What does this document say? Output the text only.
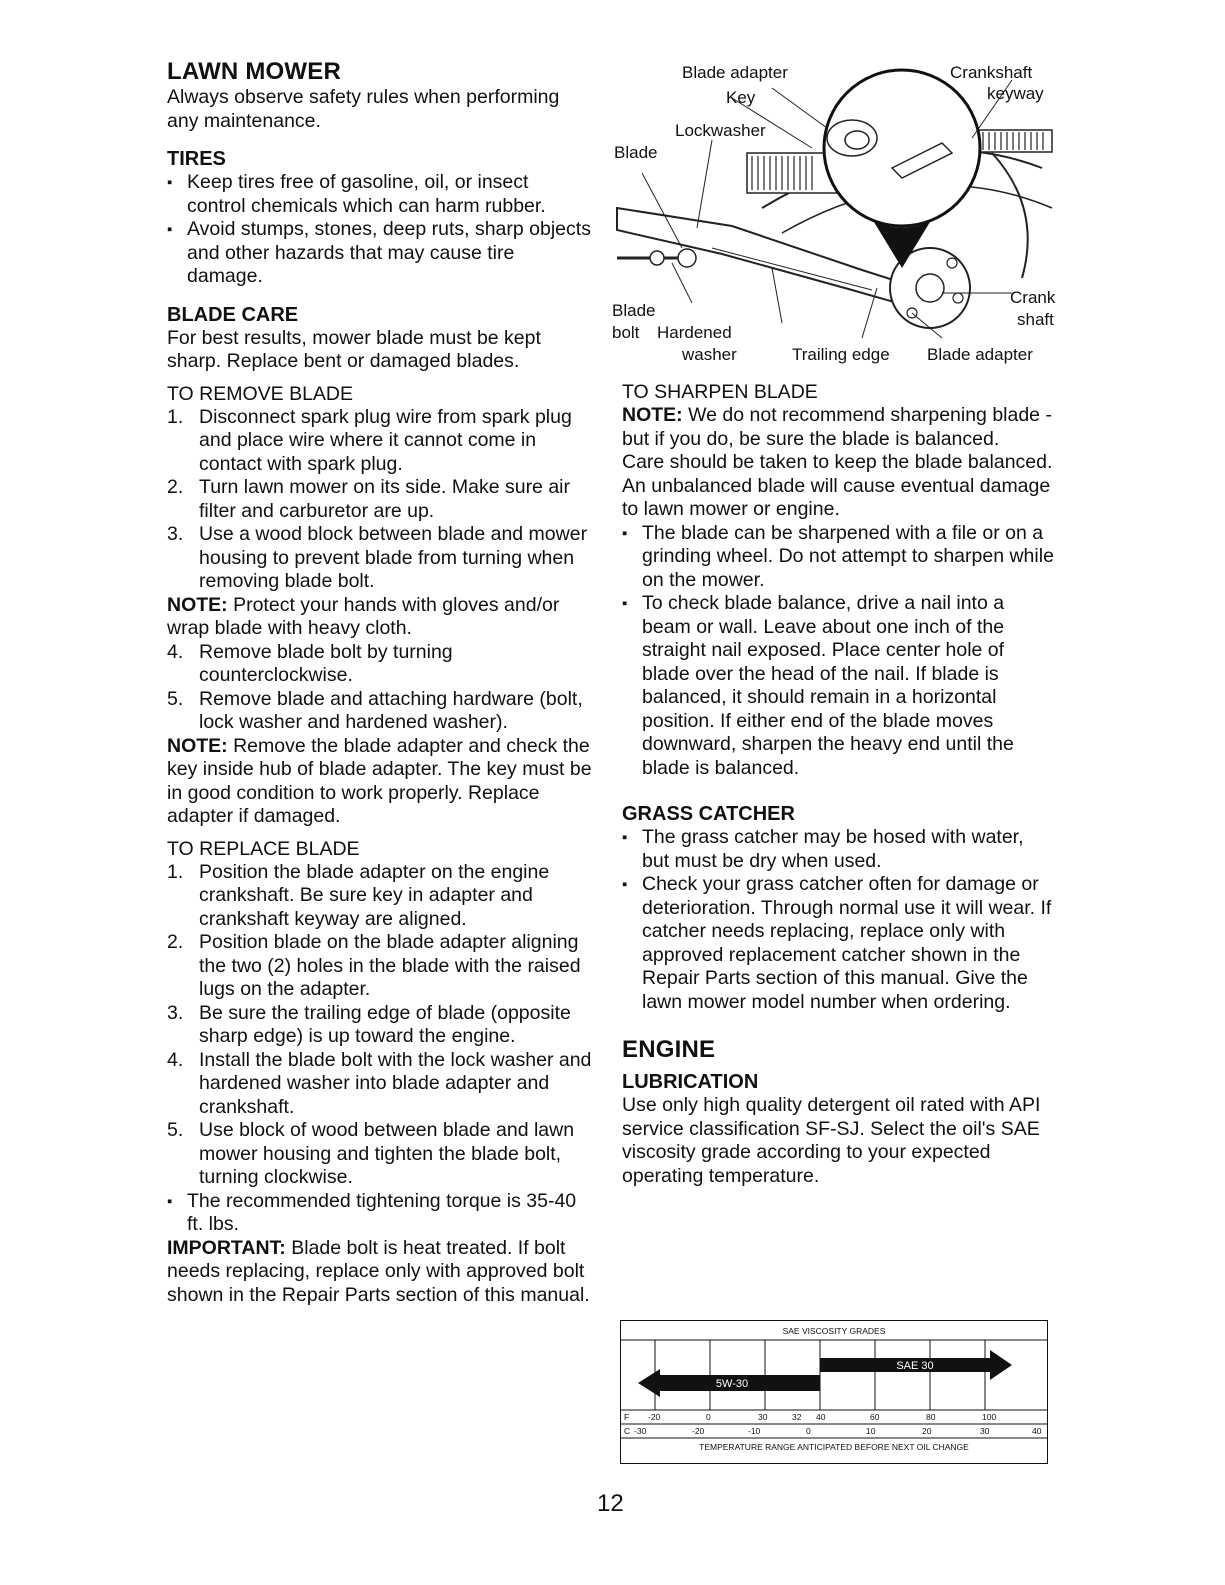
LAWN MOWER
Always observe safety rules when performing any maintenance.
TIRES
▪ Keep tires free of gasoline, oil, or insect control chemicals which can harm rubber.
▪ Avoid stumps, stones, deep ruts, sharp objects and other hazards that may cause tire damage.
BLADE CARE
For best results, mower blade must be kept sharp. Replace bent or damaged blades.
TO REMOVE BLADE
1. Disconnect spark plug wire from spark plug and place wire where it cannot come in contact with spark plug.
2. Turn lawn mower on its side. Make sure air filter and carburetor are up.
3. Use a wood block between blade and mower housing to prevent blade from turning when removing blade bolt.
NOTE: Protect your hands with gloves and/or wrap blade with heavy cloth.
4. Remove blade bolt by turning counterclockwise.
5. Remove blade and attaching hardware (bolt, lock washer and hardened washer).
NOTE: Remove the blade adapter and check the key inside hub of blade adapter. The key must be in good condition to work properly. Replace adapter if damaged.
TO REPLACE BLADE
1. Position the blade adapter on the engine crankshaft. Be sure key in adapter and crankshaft keyway are aligned.
2. Position blade on the blade adapter aligning the two (2) holes in the blade with the raised lugs on the adapter.
3. Be sure the trailing edge of blade (opposite sharp edge) is up toward the engine.
4. Install the blade bolt with the lock washer and hardened washer into blade adapter and crankshaft.
5. Use block of wood between blade and lawn mower housing and tighten the blade bolt, turning clockwise.
▪ The recommended tightening torque is 35-40 ft. lbs.
IMPORTANT: Blade bolt is heat treated. If bolt needs replacing, replace only with approved bolt shown in the Repair Parts section of this manual.
Blade adapter
Key
Lockwasher
Blade
Crankshaft
keyway
Blade
bolt Hardened
washer	Trailing edge Blade adapter
Crank
shaft
TO SHARPEN BLADE
NOTE: We do not recommend sharpening blade - but if you do, be sure the blade is balanced.
Care should be taken to keep the blade balanced. An unbalanced blade will cause eventual damage to lawn mower or engine.
▪ The blade can be sharpened with a file or on a grinding wheel. Do not attempt to sharpen while on the mower.
▪ To check blade balance, drive a nail into a beam or wall. Leave about one inch of the straight nail exposed. Place center hole of blade over the head of the nail. If blade is balanced, it should remain in a horizontal position. If either end of the blade moves downward, sharpen the heavy end until the blade is balanced.
GRASS CATCHER
▪ The grass catcher may be hosed with water, but must be dry when used.
▪ Check your grass catcher often for damage or deterioration. Through normal use it will wear. If catcher needs replacing, replace only with approved replacement catcher shown in the Repair Parts section of this manual. Give the lawn mower model number when ordering.
ENGINE
LUBRICATION
Use only high quality detergent oil rated with API service classification SF-SJ. Select the oil's SAE viscosity grade according to your expected operating temperature.
SAE VISCOSITY GRADES
5W-30
SAE 30
F -20	0	30	32 40	60	80	100
C -30	-20	-10	0	10	20	30	40
TEMPERATURE RANGE ANTICIPATED BEFORE NEXT OIL CHANGE
12
